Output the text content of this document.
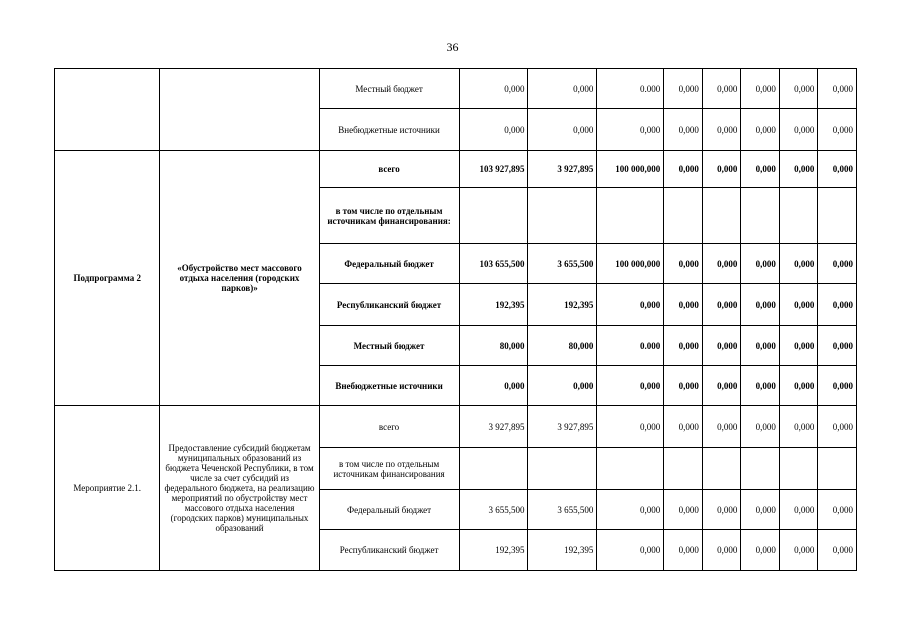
36
		Местный бюджет	0,000	0,000	0.000	0,000	0,000	0,000	0,000	0,000
		Внебюджетные источники	0,000	0,000	0,000	0,000	0,000	0,000	0,000	0,000
Подпрограмма 2	«Обустройство мест массового отдыха населения (городских парков)»	всего	103 927,895	3 927,895	100 000,000	0,000	0,000	0,000	0,000	0,000
		в том числе по отдельным источникам финансирования:								
		Федеральный бюджет	103 655,500	3 655,500	100 000,000	0,000	0,000	0,000	0,000	0,000
		Республиканский бюджет	192,395	192,395	0,000	0,000	0,000	0,000	0,000	0,000
		Местный бюджет	80,000	80,000	0.000	0,000	0,000	0,000	0,000	0,000
		Внебюджетные источники	0,000	0,000	0,000	0,000	0,000	0,000	0,000	0,000
Мероприятие 2.1.	Предоставление субсидий бюджетам муниципальных образований из бюджета Чеченской Республики, в том числе за счет субсидий из федерального бюджета, на реализацию мероприятий по обустройству мест массового отдыха населения (городских парков) муниципальных образований	всего	3 927,895	3 927,895	0,000	0,000	0,000	0,000	0,000	0,000
		в том числе по отдельным источникам финансирования								
		Федеральный бюджет	3 655,500	3 655,500	0,000	0,000	0,000	0,000	0,000	0,000
		Республиканский бюджет	192,395	192,395	0,000	0,000	0,000	0,000	0,000	0,000
